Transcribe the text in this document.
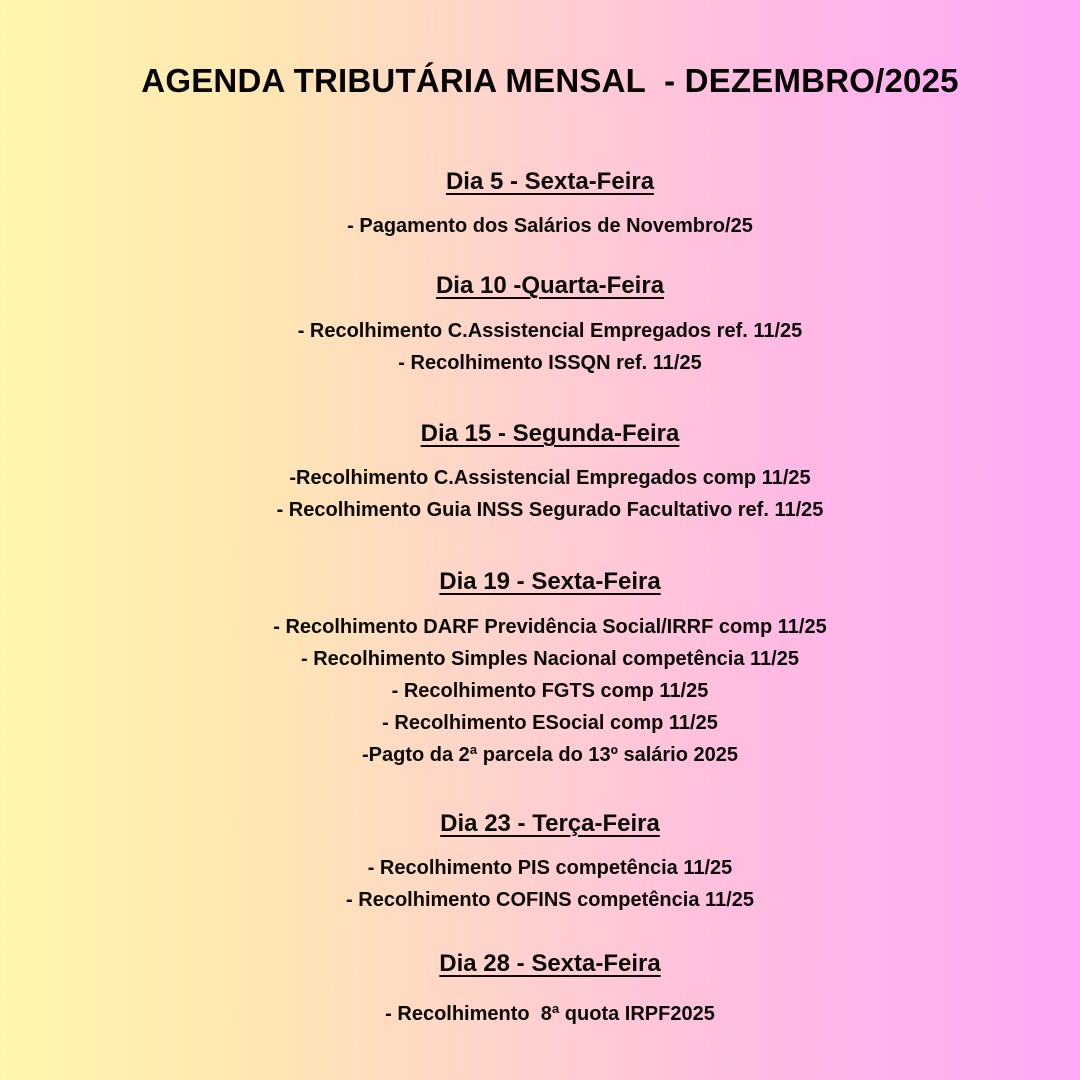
AGENDA TRIBUTÁRIA MENSAL  - DEZEMBRO/2025
Dia 5 - Sexta-Feira
- Pagamento dos Salários de Novembro/25
Dia 10 -Quarta-Feira
- Recolhimento C.Assistencial Empregados ref. 11/25
- Recolhimento ISSQN ref. 11/25
Dia 15 - Segunda-Feira
-Recolhimento C.Assistencial Empregados comp 11/25
- Recolhimento Guia INSS Segurado Facultativo ref. 11/25
Dia 19 - Sexta-Feira
- Recolhimento DARF Previdência Social/IRRF comp 11/25
- Recolhimento Simples Nacional competência 11/25
- Recolhimento FGTS comp 11/25
- Recolhimento ESocial comp 11/25
-Pagto da 2ª parcela do 13º salário 2025
Dia 23 - Terça-Feira
- Recolhimento PIS competência 11/25
- Recolhimento COFINS competência 11/25
Dia 28 - Sexta-Feira
- Recolhimento  8ª quota IRPF2025
